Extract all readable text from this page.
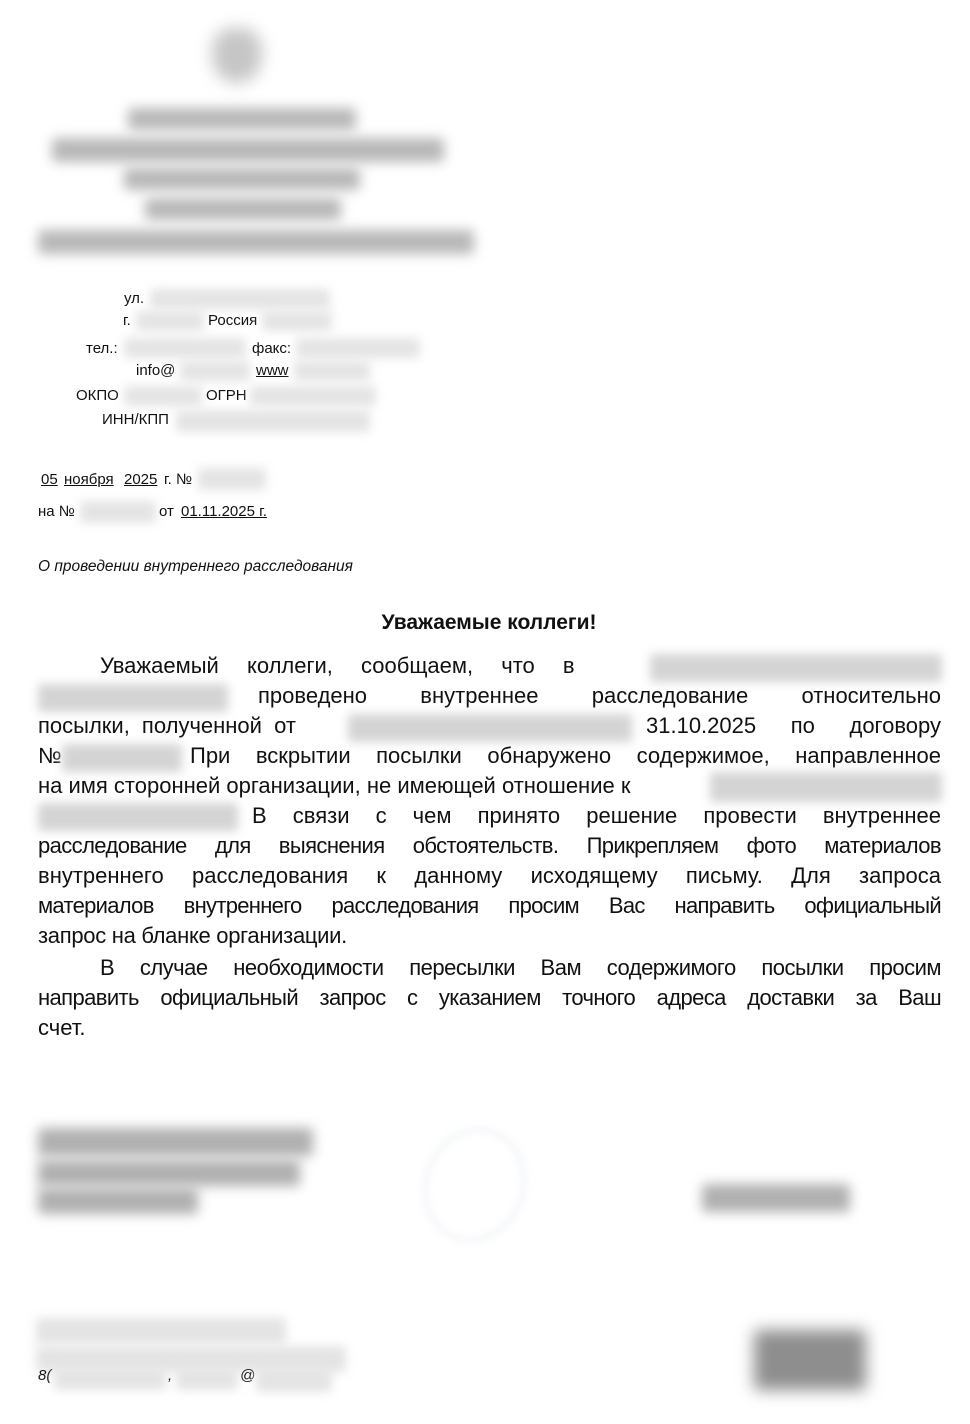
ул.
г.	Россия
тел.:	факс:
info@	www
ОКПО	ОГРН
ИНН/КПП
05 ноября 2025 г. №
на №	от 01.11.2025 г.
О проведении внутреннего расследования
Уважаемые коллеги!
Уважаемый коллеги, сообщаем, что в
проведено внутреннее расследование относительно
посылки, полученной от	31.10.2025 по договору
№	При вскрытии посылки обнаружено содержимое, направленное
на имя сторонней организации, не имеющей отношение к
В связи с чем принято решение провести внутреннее
расследование для выяснения обстоятельств. Прикрепляем фото материалов
внутреннего расследования к данному исходящему письму. Для запроса
материалов внутреннего расследования просим Вас направить официальный
запрос на бланке организации.
В случае необходимости пересылки Вам содержимого посылки просим
направить официальный запрос с указанием точного адреса доставки за Ваш
счет.
8(	,	@
